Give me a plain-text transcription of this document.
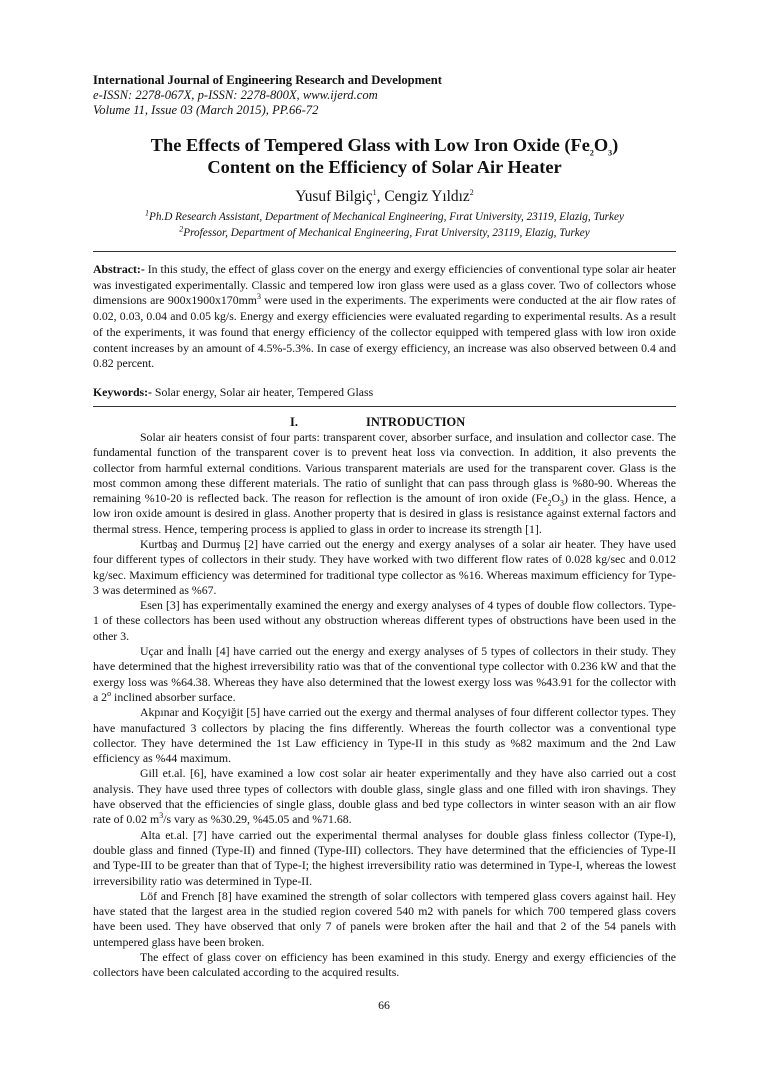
International Journal of Engineering Research and Development
e-ISSN: 2278-067X, p-ISSN: 2278-800X, www.ijerd.com
Volume 11, Issue 03 (March 2015), PP.66-72
The Effects of Tempered Glass with Low Iron Oxide $(Fe_2O_3)$
Content on the Efficiency of Solar Air Heater
Yusuf Bilgiç$^1$, Cengiz Yıldız$^2$
$^1$Ph.D Research Assistant, Department of Mechanical Engineering, Fırat University, 23119, Elazig, Turkey
$^2$Professor, Department of Mechanical Engineering, Fırat University, 23119, Elazig, Turkey
Abstract:- In this study, the effect of glass cover on the energy and exergy efficiencies of conventional type solar air heater was investigated experimentally. Classic and tempered low iron glass were used as a glass cover. Two of collectors whose dimensions are $900x1900x170mm^3$ were used in the experiments. The experiments were conducted at the air flow rates of 0.02, 0.03, 0.04 and 0.05 kg/s. Energy and exergy efficiencies were evaluated regarding to experimental results. As a result of the experiments, it was found that energy efficiency of the collector equipped with tempered glass with low iron oxide content increases by an amount of 4.5%-5.3%. In case of exergy efficiency, an increase was also observed between 0.4 and 0.82 percent.
Keywords:- Solar energy, Solar air heater, Tempered Glass
I.	INTRODUCTION

Solar air heaters consist of four parts: transparent cover, absorber surface, and insulation and collector case. The fundamental function of the transparent cover is to prevent heat loss via convection. In addition, it also prevents the collector from harmful external conditions. Various transparent materials are used for the transparent cover. Glass is the most common among these different materials. The ratio of sunlight that can pass through glass is %80-90. Whereas the remaining %10-20 is reflected back. The reason for reflection is the amount of iron oxide $(Fe_2O_3)$ in the glass. Hence, a low iron oxide amount is desired in glass. Another property that is desired in glass is resistance against external factors and thermal stress. Hence, tempering process is applied to glass in order to increase its strength [1].

Kurtbaş and Durmuş [2] have carried out the energy and exergy analyses of a solar air heater. They have used four different types of collectors in their study. They have worked with two different flow rates of 0.028 kg/sec and 0.012 kg/sec. Maximum efficiency was determined for traditional type collector as %16. Whereas maximum efficiency for Type-3 was determined as %67.

Esen [3] has experimentally examined the energy and exergy analyses of 4 types of double flow collectors. Type-1 of these collectors has been used without any obstruction whereas different types of obstructions have been used in the other 3.

Uçar and İnallı [4] have carried out the energy and exergy analyses of 5 types of collectors in their study. They have determined that the highest irreversibility ratio was that of the conventional type collector with 0.236 kW and that the exergy loss was %64.38. Whereas they have also determined that the lowest exergy loss was %43.91 for the collector with a 2$^o$ inclined absorber surface.

Akpınar and Koçyiğit [5] have carried out the exergy and thermal analyses of four different collector types. They have manufactured 3 collectors by placing the fins differently. Whereas the fourth collector was a conventional type collector. They have determined the 1st Law efficiency in Type-II in this study as %82 maximum and the 2nd Law efficiency as %44 maximum.

Gill et.al. [6], have examined a low cost solar air heater experimentally and they have also carried out a cost analysis. They have used three types of collectors with double glass, single glass and one filled with iron shavings. They have observed that the efficiencies of single glass, double glass and bed type collectors in winter season with an air flow rate of 0.02 $m^3/s$ vary as %30.29, %45.05 and %71.68.

Alta et.al. [7] have carried out the experimental thermal analyses for double glass finless collector (Type-I), double glass and finned (Type-II) and finned (Type-III) collectors. They have determined that the efficiencies of Type-II and Type-III to be greater than that of Type-I; the highest irreversibility ratio was determined in Type-I, whereas the lowest irreversibility ratio was determined in Type-II.

Löf and French [8] have examined the strength of solar collectors with tempered glass covers against hail. Hey have stated that the largest area in the studied region covered 540 m2 with panels for which 700 tempered glass covers have been used. They have observed that only 7 of panels were broken after the hail and that 2 of the 54 panels with untempered glass have been broken.

The effect of glass cover on efficiency has been examined in this study. Energy and exergy efficiencies of the collectors have been calculated according to the acquired results.

66
